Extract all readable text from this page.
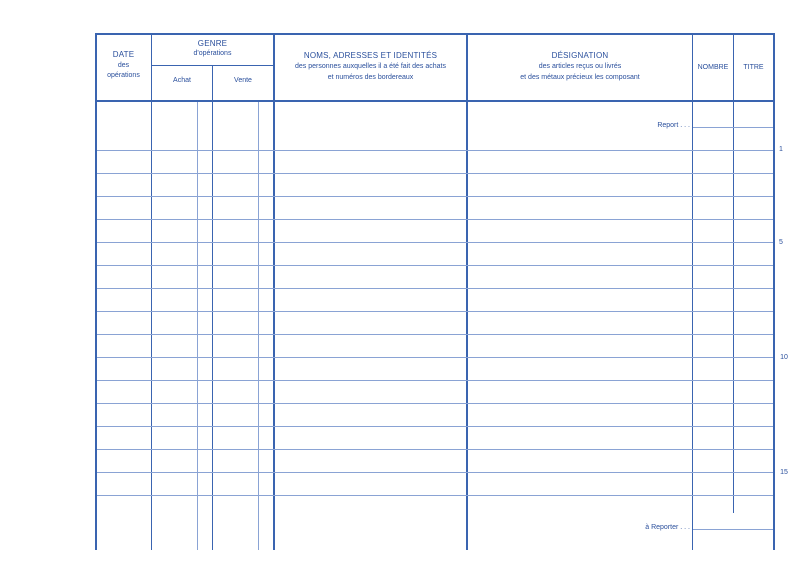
DATE
des
opérations
GENRE
d'opérations
Achat	Vente
NOMS, ADRESSES ET IDENTITÉS
des personnes auxquelles il a été fait des achats
et numéros des bordereaux
DÉSIGNATION
des articles reçus ou livrés
et des métaux précieux les composant
NOMBRE	TITRE
Report . . .
1
5
10
15
à Reporter . . .
